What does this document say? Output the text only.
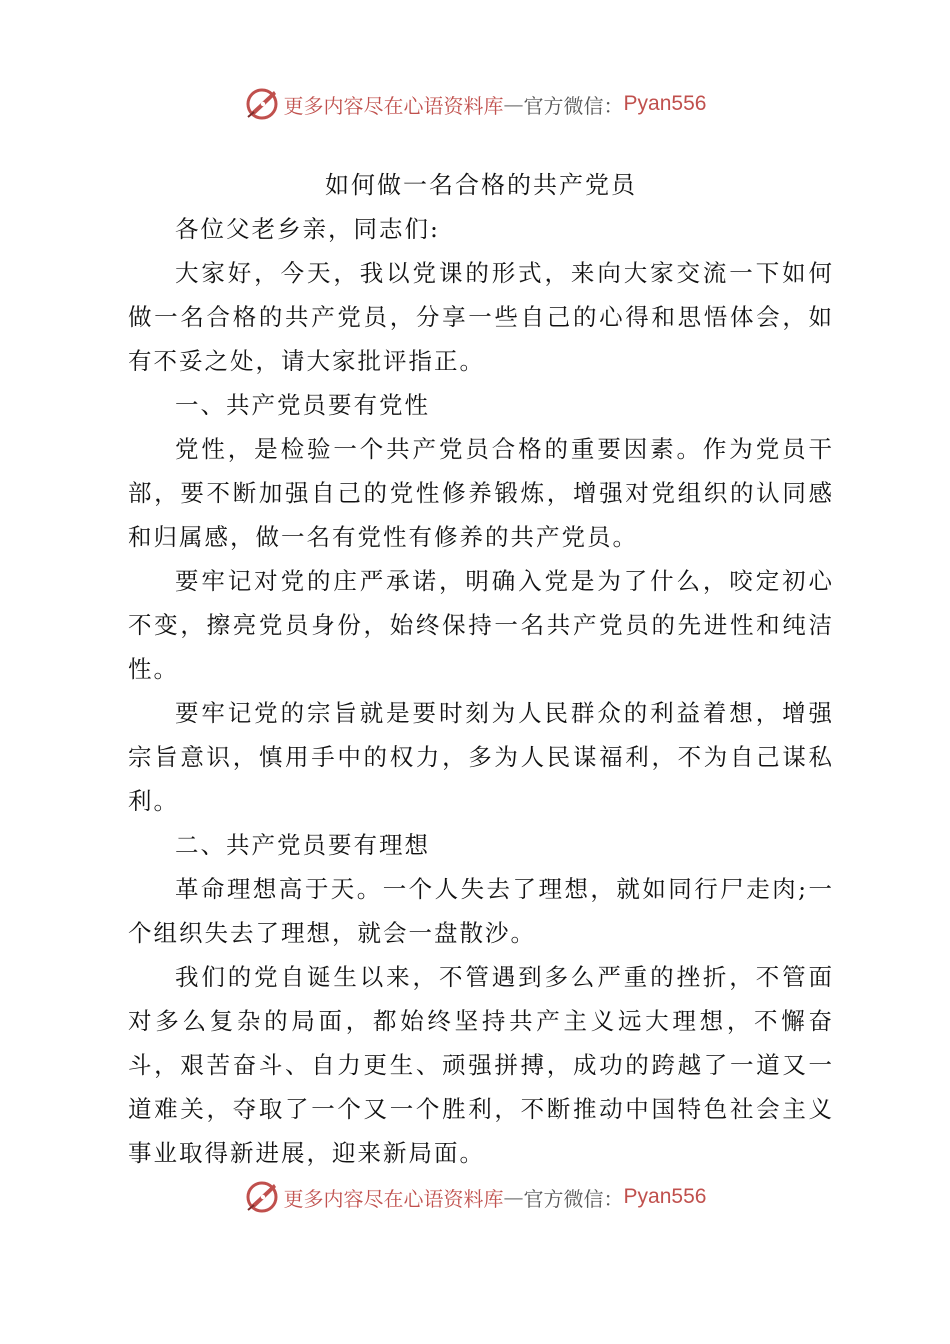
更多内容尽在心语资料库 — 官方微信： Pyan556
如何做一名合格的共产党员

各位父老乡亲，同志们:

大家好，今天，我以党课的形式，来向大家交流一下如何做一名合格的共产党员，分享一些自己的心得和思悟体会，如有不妥之处，请大家批评指正。

一、共产党员要有党性

党性，是检验一个共产党员合格的重要因素。作为党员干部，要不断加强自己的党性修养锻炼，增强对党组织的认同感和归属感，做一名有党性有修养的共产党员。

要牢记对党的庄严承诺，明确入党是为了什么，咬定初心不变，擦亮党员身份，始终保持一名共产党员的先进性和纯洁性。

要牢记党的宗旨就是要时刻为人民群众的利益着想，增强宗旨意识，慎用手中的权力，多为人民谋福利，不为自己谋私利。

二、共产党员要有理想

革命理想高于天。一个人失去了理想，就如同行尸走肉;一个组织失去了理想，就会一盘散沙。

我们的党自诞生以来，不管遇到多么严重的挫折，不管面对多么复杂的局面，都始终坚持共产主义远大理想，不懈奋斗，艰苦奋斗、自力更生、顽强拼搏，成功的跨越了一道又一道难关，夺取了一个又一个胜利，不断推动中国特色社会主义事业取得新进展，迎来新局面。

更多内容尽在心语资料库 — 官方微信： Pyan556
